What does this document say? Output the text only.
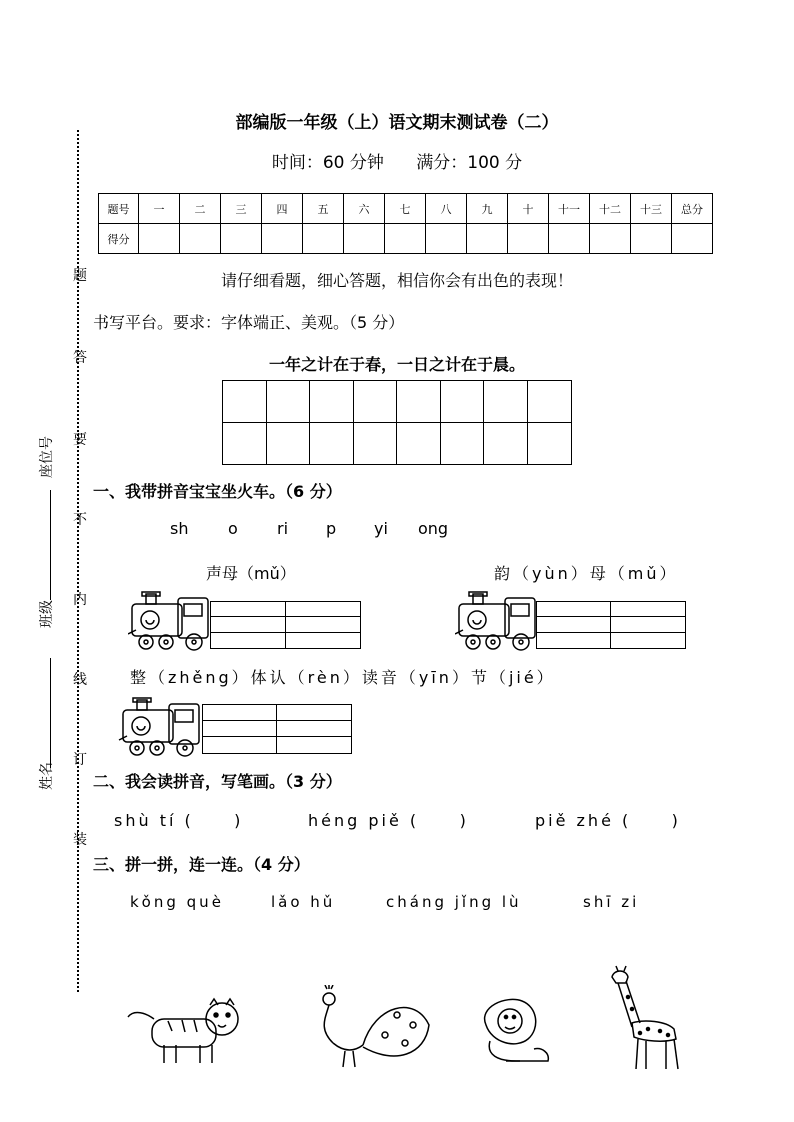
题
答
要
不
内
线
订
装
座位号
班级
姓名
部编版一年级（上）语文期末测试卷（二）
时间：60 分钟      满分：100 分
题号	一	二	三	四	五	六	七	八	九	十	十一	十二	十三	总分
得分														
请仔细看题，细心答题，相信你会有出色的表现！
书写平台。要求：字体端正、美观。（5 分）
一年之计在于春，一日之计在于晨。
一、我带拼音宝宝坐火车。（6 分）
sh o ri p yi ong
声母（mǔ）	韵（yùn）母（mǔ）
整（zhěng）体认（rèn）读音（yīn）节（jié）
二、我会读拼音，写笔画。（3 分）
shù tí (     )	héng piě (     )	piě zhé (     )
三、拼一拼，连一连。（4 分）
kǒng què	lǎo hǔ	cháng jǐng lù	shī zi
